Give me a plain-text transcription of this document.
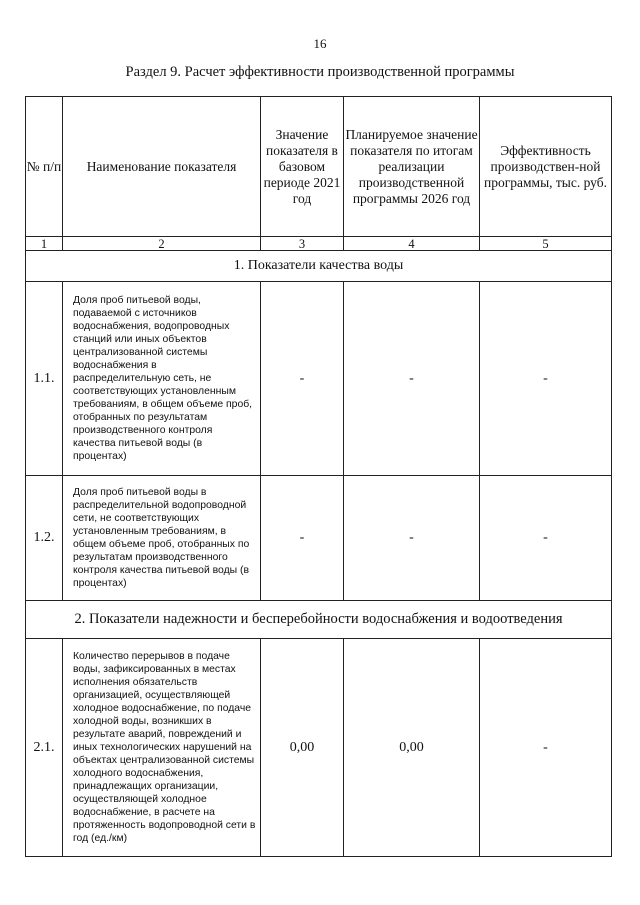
16
Раздел 9. Расчет эффективности производственной программы
№ п/п	Наименование показателя	Значение показателя в базовом периоде 2021 год	Планируемое значение показателя по итогам реализации производственной программы 2026 год	Эффективность производствен-ной программы, тыс. руб.
1	2	3	4	5
1. Показатели качества воды				
1.1.	Доля проб питьевой воды, подаваемой с источников водоснабжения, водопроводных станций или иных объектов централизованной системы водоснабжения в распределительную сеть, не соответствующих установленным требованиям, в общем объеме проб, отобранных по результатам производственного контроля качества питьевой воды (в процентах)	-	-	-
1.2.	Доля проб питьевой воды в распределительной водопроводной сети, не соответствующих установленным требованиям, в общем объеме проб, отобранных по результатам производственного контроля качества питьевой воды (в процентах)	-	-	-
2. Показатели надежности и бесперебойности водоснабжения и водоотведения				
2.1.	Количество перерывов в подаче воды, зафиксированных в местах исполнения обязательств организацией, осуществляющей холодное водоснабжение, по подаче холодной воды, возникших в результате аварий, повреждений и иных технологических нарушений на объектах централизованной системы холодного водоснабжения, принадлежащих организации, осуществляющей холодное водоснабжение, в расчете на протяженность водопроводной сети в год (ед./км)	0,00	0,00	-
